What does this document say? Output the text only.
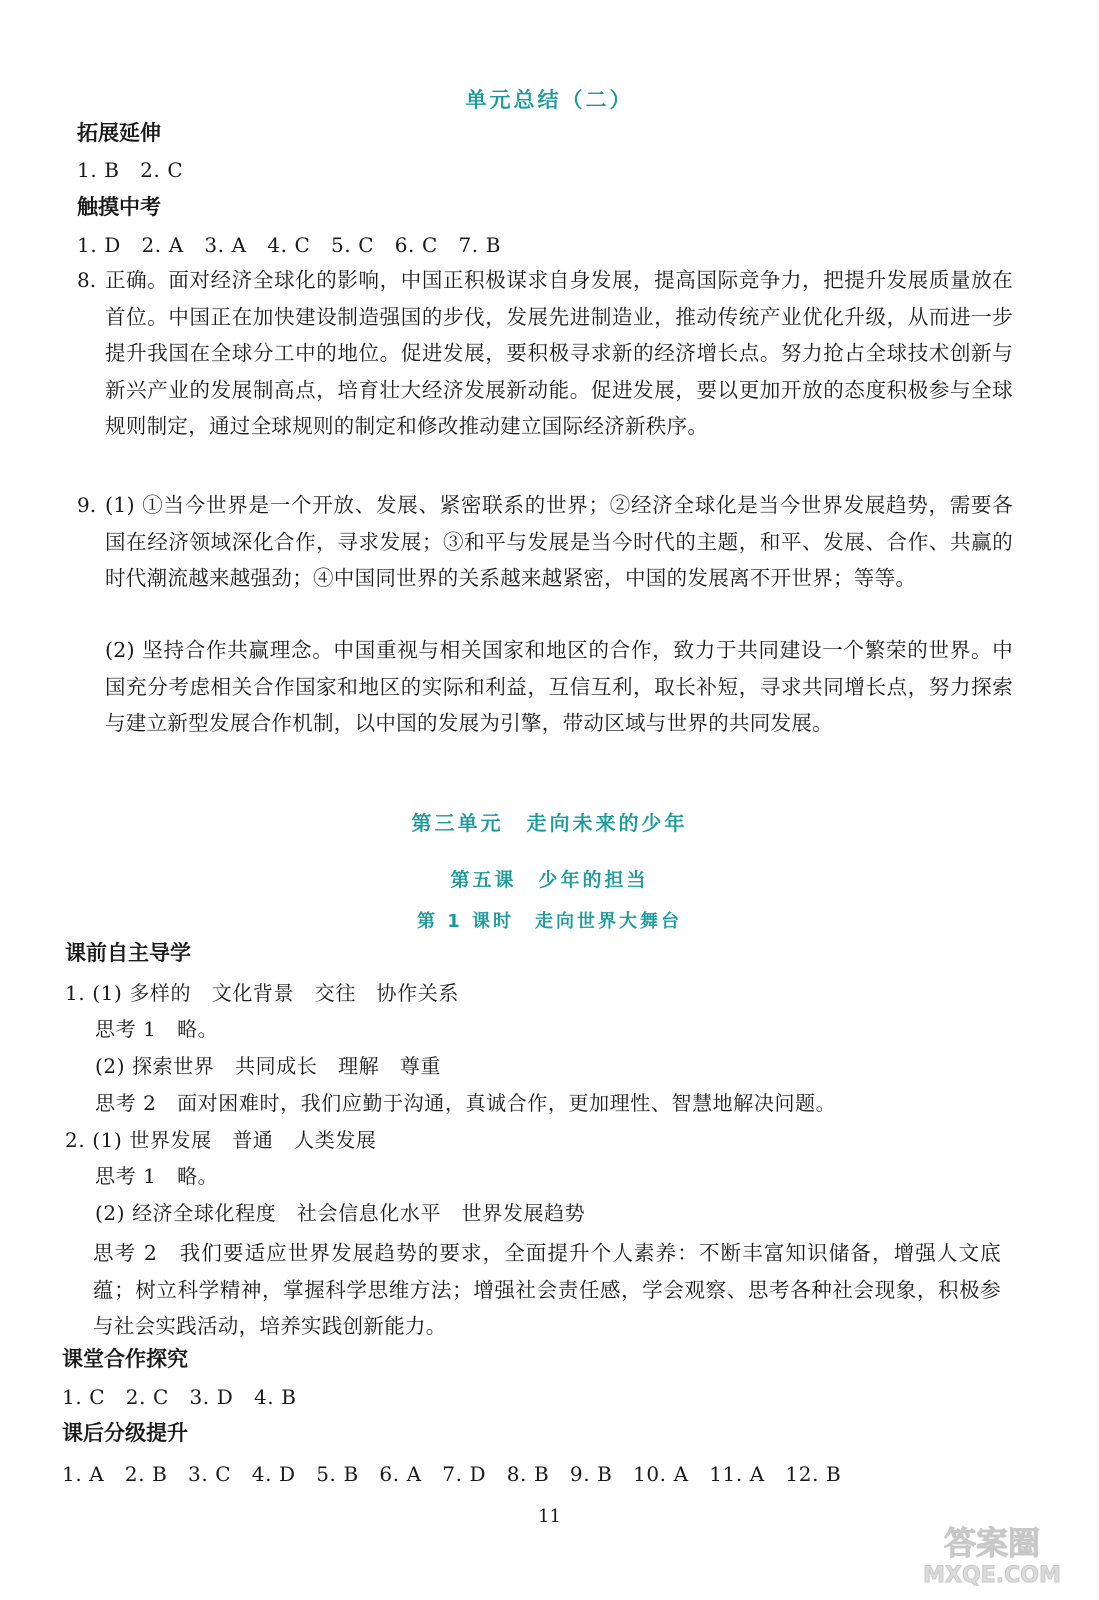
单元总结（二）
拓展延伸
1. B　2. C
触摸中考
1. D　2. A　3. A　4. C　5. C　6. C　7. B
8. 正确。面对经济全球化的影响，中国正积极谋求自身发展，提高国际竞争力，把提升发展质量放在首位。中国正在加快建设制造强国的步伐，发展先进制造业，推动传统产业优化升级，从而进一步提升我国在全球分工中的地位。促进发展，要积极寻求新的经济增长点。努力抢占全球技术创新与新兴产业的发展制高点，培育壮大经济发展新动能。促进发展，要以更加开放的态度积极参与全球规则制定，通过全球规则的制定和修改推动建立国际经济新秩序。
9. (1) ①当今世界是一个开放、发展、紧密联系的世界；②经济全球化是当今世界发展趋势，需要各国在经济领域深化合作，寻求发展；③和平与发展是当今时代的主题，和平、发展、合作、共赢的时代潮流越来越强劲；④中国同世界的关系越来越紧密，中国的发展离不开世界；等等。
(2) 坚持合作共赢理念。中国重视与相关国家和地区的合作，致力于共同建设一个繁荣的世界。中国充分考虑相关合作国家和地区的实际和利益，互信互利，取长补短，寻求共同增长点，努力探索与建立新型发展合作机制，以中国的发展为引擎，带动区域与世界的共同发展。
第三单元　走向未来的少年
第五课　少年的担当
第 1 课时　走向世界大舞台
课前自主导学
1. (1) 多样的　文化背景　交往　协作关系
思考 1　略。
(2) 探索世界　共同成长　理解　尊重
思考 2　面对困难时，我们应勤于沟通，真诚合作，更加理性、智慧地解决问题。
2. (1) 世界发展　普通　人类发展
思考 1　略。
(2) 经济全球化程度　社会信息化水平　世界发展趋势
思考 2　我们要适应世界发展趋势的要求，全面提升个人素养：不断丰富知识储备，增强人文底蕴；树立科学精神，掌握科学思维方法；增强社会责任感，学会观察、思考各种社会现象，积极参与社会实践活动，培养实践创新能力。
课堂合作探究
1. C　2. C　3. D　4. B
课后分级提升
1. A　2. B　3. C　4. D　5. B　6. A　7. D　8. B　9. B　10. A　11. A　12. B
11
答案圈
MXQE.COM
